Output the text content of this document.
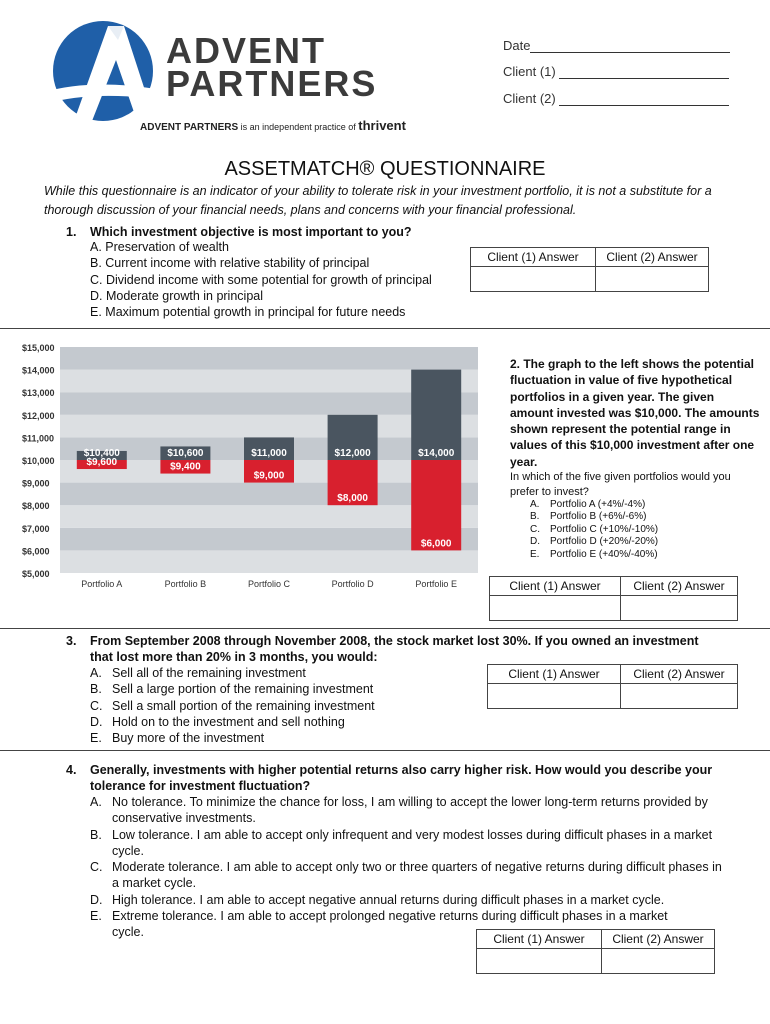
ADVENT
PARTNERS
ADVENT PARTNERS is an independent practice of thrivent
Date
Client (1)
Client (2)
ASSETMATCH® QUESTIONNAIRE
While this questionnaire is an indicator of your ability to tolerate risk in your investment portfolio, it is not a substitute for a thorough discussion of your financial needs, plans and concerns with your financial professional.
1. Which investment objective is most important to you?
A. Preservation of wealth
B. Current income with relative stability of principal
C. Dividend income with some potential for growth of principal
D. Moderate growth in principal
E. Maximum potential growth in principal for future needs
Client (1) Answer	Client (2) Answer

$15,000
$14,000
$13,000
$12,000
$11,000
$10,000
$9,000
$8,000
$7,000
$6,000
$5,000
$10,400
$9,600
$10,600
$9,400
$11,000
$9,000
$12,000
$8,000
$14,000
$6,000
Portfolio A	Portfolio B	Portfolio C	Portfolio D	Portfolio E
2. The graph to the left shows the potential fluctuation in value of five hypothetical portfolios in a given year. The given amount invested was $10,000. The amounts shown represent the potential range in values of this $10,000 investment after one year.
In which of the five given portfolios would you prefer to invest?
A.	Portfolio A (+4%/-4%)
B.	Portfolio B (+6%/-6%)
C.	Portfolio C (+10%/-10%)
D.	Portfolio D (+20%/-20%)
E.	Portfolio E (+40%/-40%)
Client (1) Answer	Client (2) Answer

3. From September 2008 through November 2008, the stock market lost 30%. If you owned an investment
that lost more than 20% in 3 months, you would:
A. Sell all of the remaining investment
B. Sell a large portion of the remaining investment
C. Sell a small portion of the remaining investment
D. Hold on to the investment and sell nothing
E. Buy more of the investment
Client (1) Answer	Client (2) Answer

4. Generally, investments with higher potential returns also carry higher risk. How would you describe your
tolerance for investment fluctuation?
A. No tolerance. To minimize the chance for loss, I am willing to accept the lower long-term returns provided by conservative investments.
B. Low tolerance. I am able to accept only infrequent and very modest losses during difficult phases in a market cycle.
C. Moderate tolerance. I am able to accept only two or three quarters of negative returns during difficult phases in a market cycle.
D. High tolerance. I am able to accept negative annual returns during difficult phases in a market cycle.
E. Extreme tolerance. I am able to accept prolonged negative returns during difficult phases in a market cycle.	Client (1) Answer	Client (2) Answer
